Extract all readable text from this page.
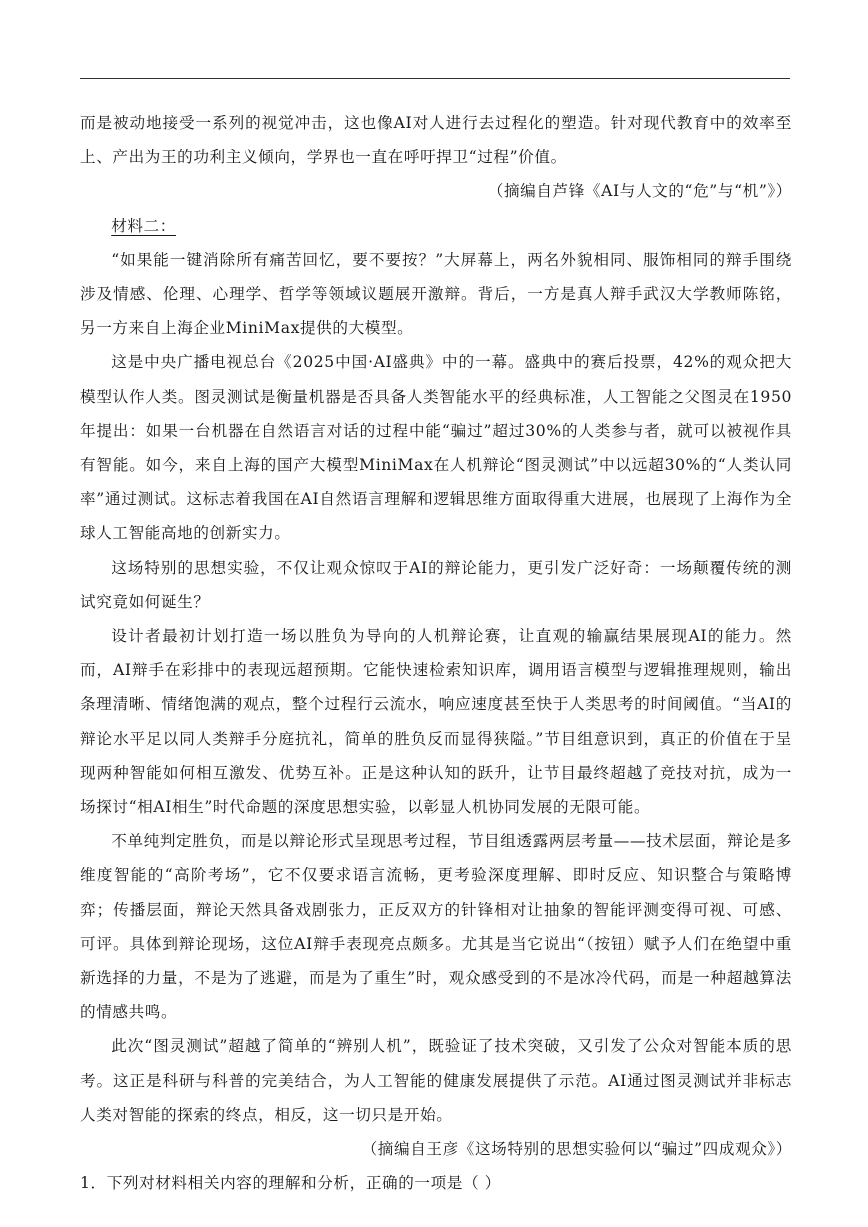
而是被动地接受一系列的视觉冲击，这也像AI对人进行去过程化的塑造。针对现代教育中的效率至上、产出为王的功利主义倾向，学界也一直在呼吁捍卫“过程”价值。

（摘编自芦锋《AI与人文的“危”与“机”》）

材料二：

“如果能一键消除所有痛苦回忆，要不要按？”大屏幕上，两名外貌相同、服饰相同的辩手围绕涉及情感、伦理、心理学、哲学等领域议题展开激辩。背后，一方是真人辩手武汉大学教师陈铭，另一方来自上海企业MiniMax提供的大模型。

这是中央广播电视总台《2025中国·AI盛典》中的一幕。盛典中的赛后投票，42%的观众把大模型认作人类。图灵测试是衡量机器是否具备人类智能水平的经典标准，人工智能之父图灵在1950年提出：如果一台机器在自然语言对话的过程中能“骗过”超过30%的人类参与者，就可以被视作具有智能。如今，来自上海的国产大模型MiniMax在人机辩论“图灵测试”中以远超30%的“人类认同率”通过测试。这标志着我国在AI自然语言理解和逻辑思维方面取得重大进展，也展现了上海作为全球人工智能高地的创新实力。

这场特别的思想实验，不仅让观众惊叹于AI的辩论能力，更引发广泛好奇：一场颠覆传统的测试究竟如何诞生？

设计者最初计划打造一场以胜负为导向的人机辩论赛，让直观的输赢结果展现AI的能力。然而，AI辩手在彩排中的表现远超预期。它能快速检索知识库，调用语言模型与逻辑推理规则，输出条理清晰、情绪饱满的观点，整个过程行云流水，响应速度甚至快于人类思考的时间阈值。“当AI的辩论水平足以同人类辩手分庭抗礼，简单的胜负反而显得狭隘。”节目组意识到，真正的价值在于呈现两种智能如何相互激发、优势互补。正是这种认知的跃升，让节目最终超越了竞技对抗，成为一场探讨“相AI相生”时代命题的深度思想实验，以彰显人机协同发展的无限可能。

不单纯判定胜负，而是以辩论形式呈现思考过程，节目组透露两层考量——技术层面，辩论是多维度智能的“高阶考场”，它不仅要求语言流畅，更考验深度理解、即时反应、知识整合与策略博弈；传播层面，辩论天然具备戏剧张力，正反双方的针锋相对让抽象的智能评测变得可视、可感、可评。具体到辩论现场，这位AI辩手表现亮点颇多。尤其是当它说出“（按钮）赋予人们在绝望中重新选择的力量，不是为了逃避，而是为了重生”时，观众感受到的不是冰冷代码，而是一种超越算法的情感共鸣。

此次“图灵测试”超越了简单的“辨别人机”，既验证了技术突破，又引发了公众对智能本质的思考。这正是科研与科普的完美结合，为人工智能的健康发展提供了示范。AI通过图灵测试并非标志人类对智能的探索的终点，相反，这一切只是开始。

（摘编自王彦《这场特别的思想实验何以“骗过”四成观众》）

1．下列对材料相关内容的理解和分析，正确的一项是（ ）
